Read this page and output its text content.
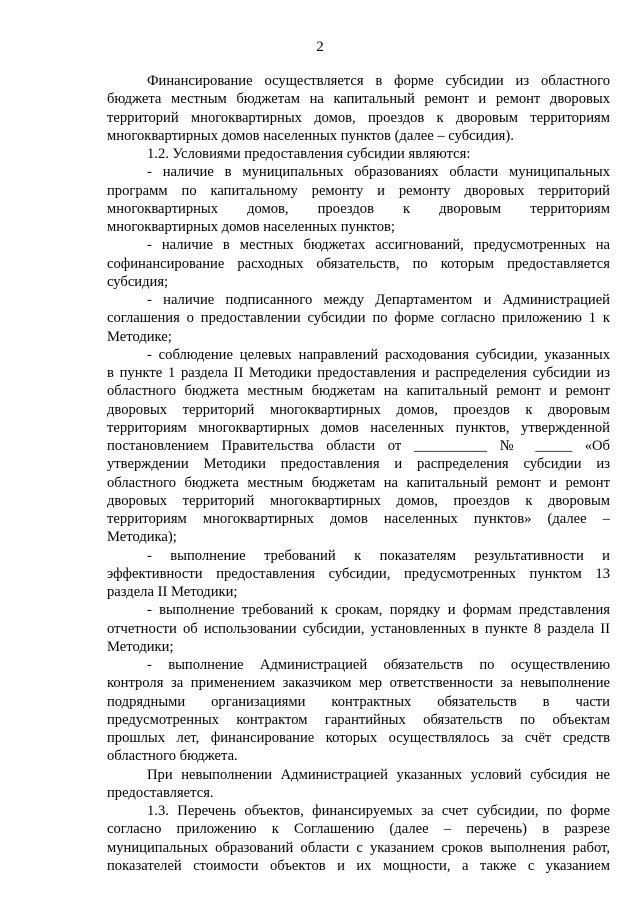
2
Финансирование осуществляется в форме субсидии из областного
бюджета местным бюджетам на капитальный ремонт и ремонт дворовых
территорий многоквартирных домов, проездов к дворовым территориям
многоквартирных домов населенных пунктов (далее – субсидия).
1.2. Условиями предоставления субсидии являются:
- наличие в муниципальных образованиях области муниципальных
программ по капитальному ремонту и ремонту дворовых территорий
многоквартирных домов, проездов к дворовым территориям
многоквартирных домов населенных пунктов;
- наличие в местных бюджетах ассигнований, предусмотренных на
софинансирование расходных обязательств, по которым предоставляется
субсидия;
- наличие подписанного между Департаментом и Администрацией
соглашения о предоставлении субсидии по форме согласно приложению 1 к
Методике;
- соблюдение целевых направлений расходования субсидии, указанных
в пункте 1 раздела II Методики предоставления и распределения субсидии из
областного бюджета местным бюджетам на капитальный ремонт и ремонт
дворовых территорий многоквартирных домов, проездов к дворовым
территориям многоквартирных домов населенных пунктов, утвержденной
постановлением Правительства области от __________ № _____ «Об
утверждении Методики предоставления и распределения субсидии из
областного бюджета местным бюджетам на капитальный ремонт и ремонт
дворовых территорий многоквартирных домов, проездов к дворовым
территориям многоквартирных домов населенных пунктов» (далее –
Методика);
- выполнение требований к показателям результативности и
эффективности предоставления субсидии, предусмотренных пунктом 13
раздела II Методики;
- выполнение требований к срокам, порядку и формам представления
отчетности об использовании субсидии, установленных в пункте 8 раздела II
Методики;
- выполнение Администрацией обязательств по осуществлению
контроля за применением заказчиком мер ответственности за невыполнение
подрядными организациями контрактных обязательств в части
предусмотренных контрактом гарантийных обязательств по объектам
прошлых лет, финансирование которых осуществлялось за счёт средств
областного бюджета.
При невыполнении Администрацией указанных условий субсидия не
предоставляется.
1.3. Перечень объектов, финансируемых за счет субсидии, по форме
согласно приложению к Соглашению (далее – перечень) в разрезе
муниципальных образований области с указанием сроков выполнения работ,
показателей стоимости объектов и их мощности, а также с указанием
